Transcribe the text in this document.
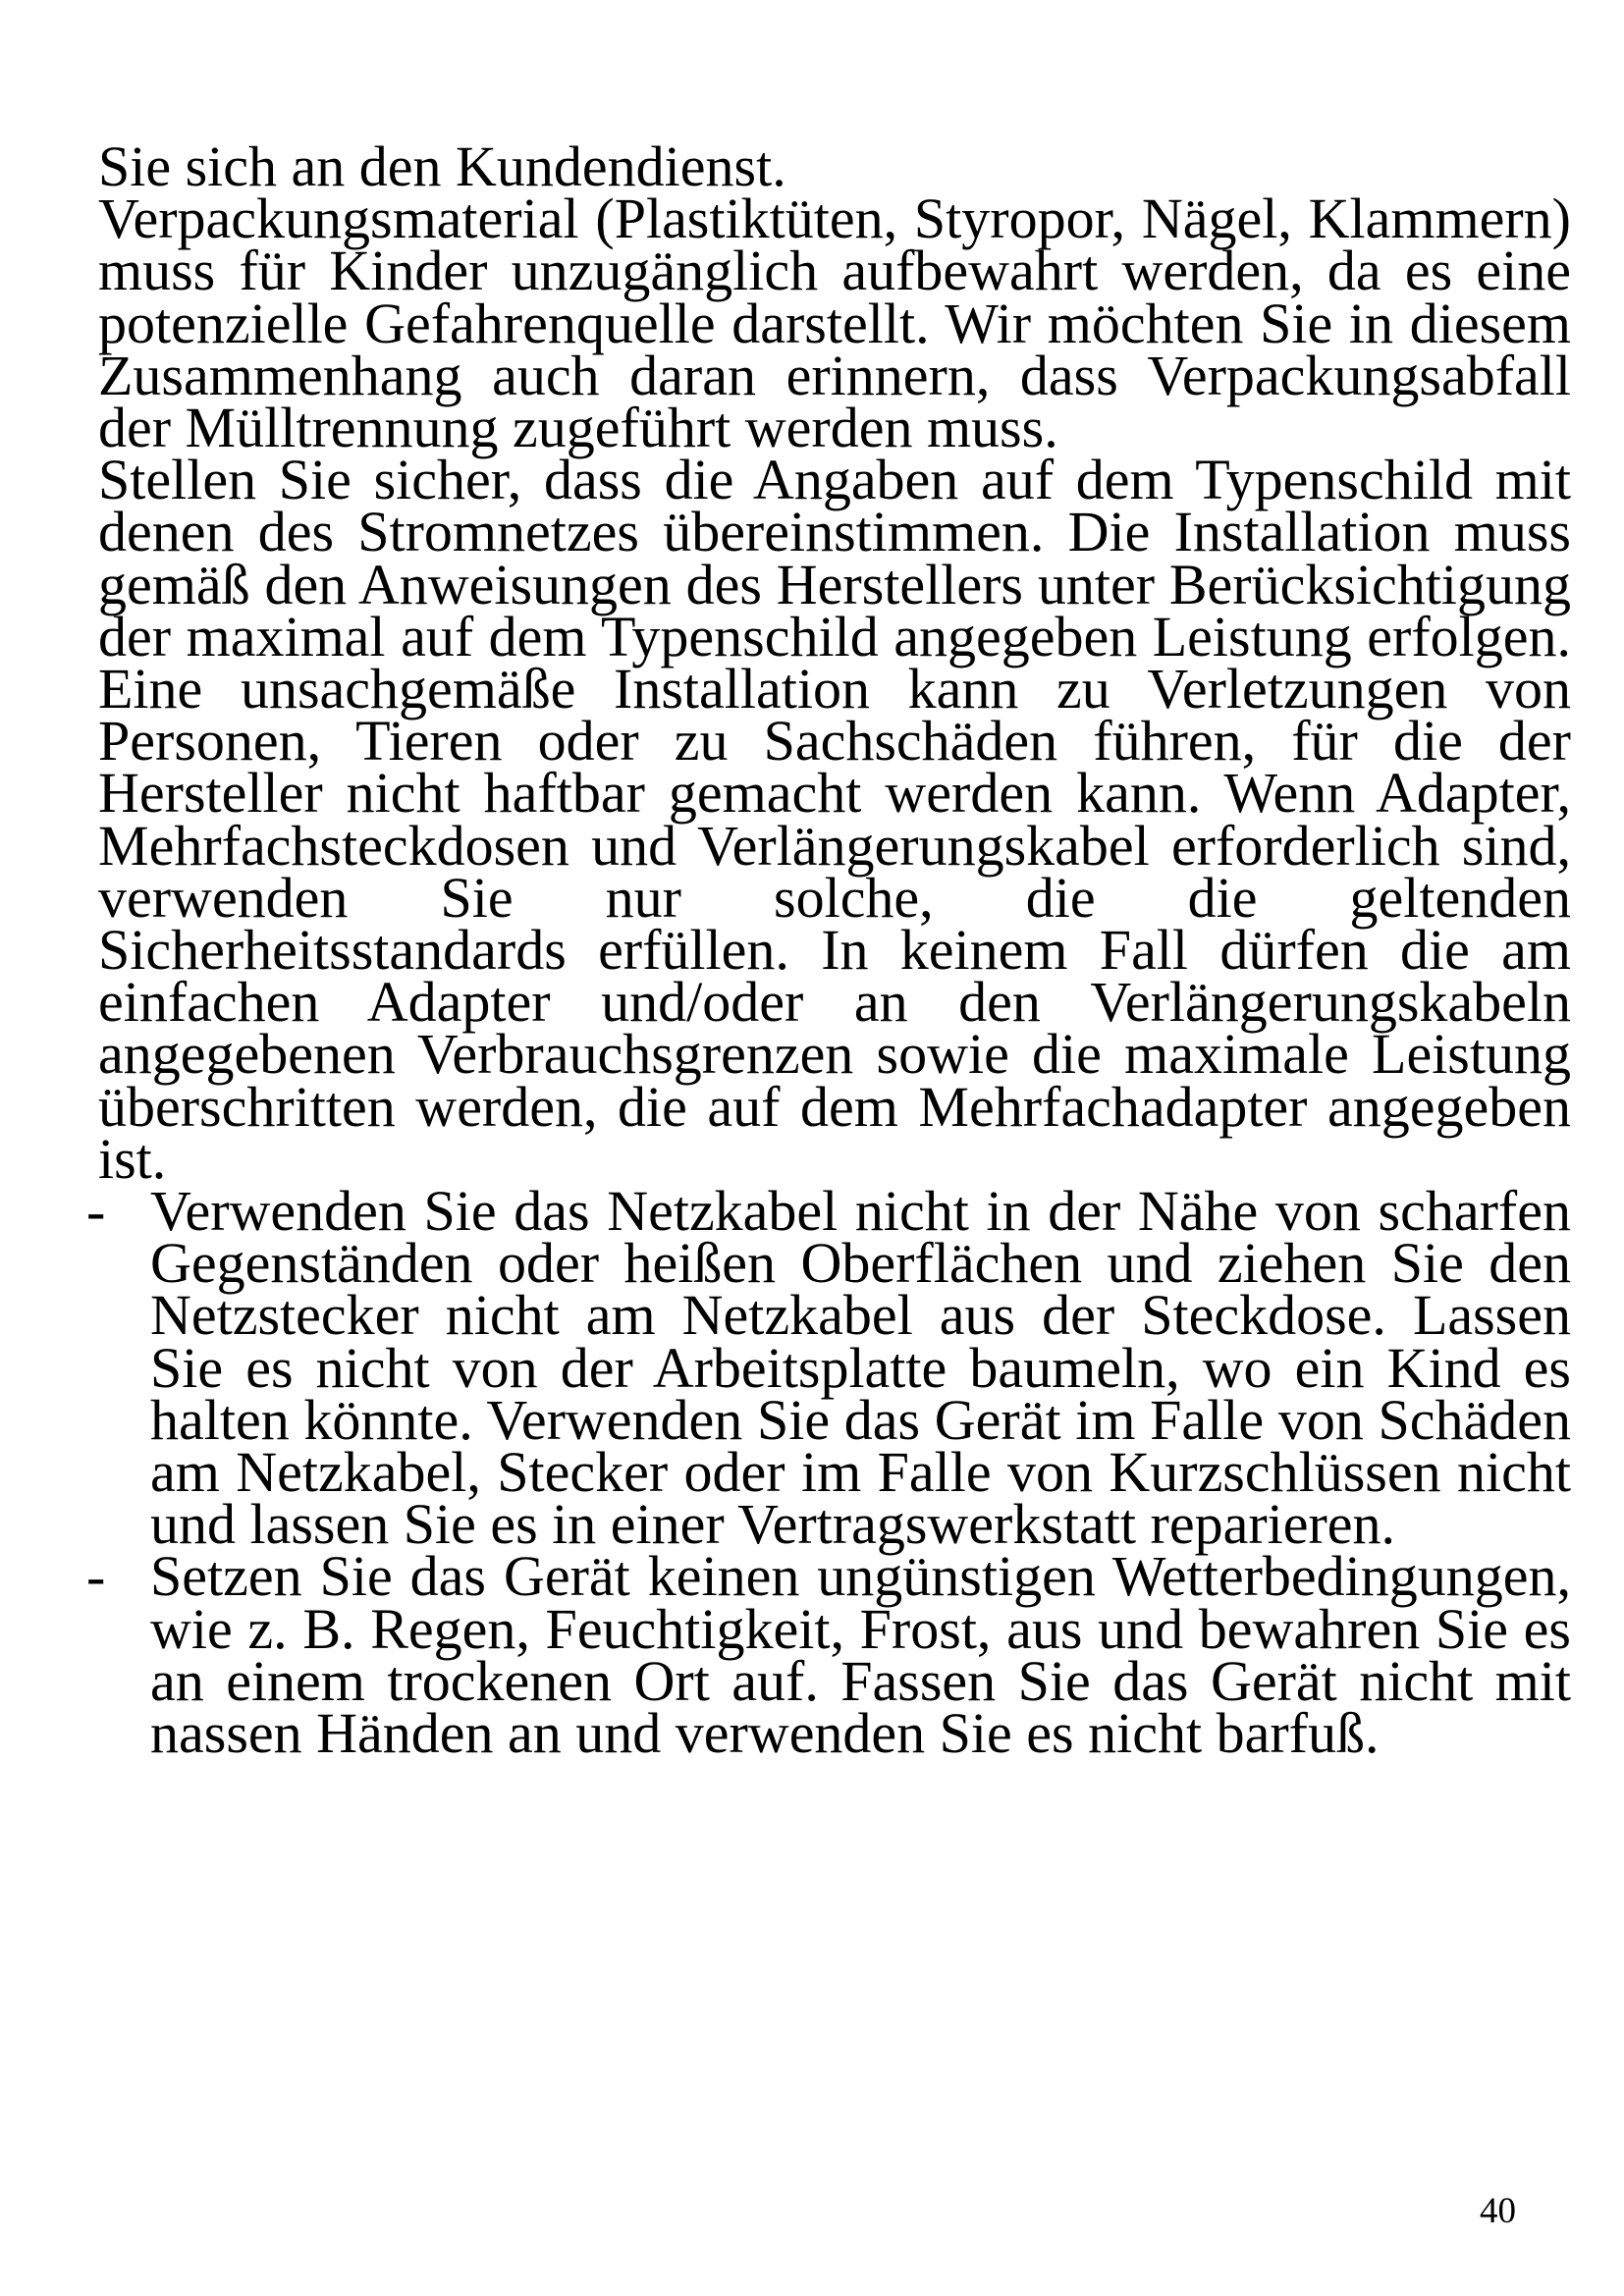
Sie sich an den Kundendienst.

Verpackungsmaterial (Plastiktüten, Styropor, Nägel, Klammern) muss für Kinder unzugänglich aufbewahrt werden, da es eine potenzielle Gefahrenquelle darstellt. Wir möchten Sie in diesem Zusammenhang auch daran erinnern, dass Verpackungsabfall der Mülltrennung zugeführt werden muss.

Stellen Sie sicher, dass die Angaben auf dem Typenschild mit denen des Stromnetzes übereinstimmen. Die Installation muss gemäß den Anweisungen des Herstellers unter Berücksichtigung der maximal auf dem Typenschild angegeben Leistung erfolgen. Eine unsachgemäße Installation kann zu Verletzungen von Personen, Tieren oder zu Sachschäden führen, für die der Hersteller nicht haftbar gemacht werden kann. Wenn Adapter, Mehrfachsteckdosen und Verlängerungskabel erforderlich sind, verwenden Sie nur solche, die die geltenden Sicherheitsstandards erfüllen. In keinem Fall dürfen die am einfachen Adapter und/oder an den Verlängerungskabeln angegebenen Verbrauchsgrenzen sowie die maximale Leistung überschritten werden, die auf dem Mehrfachadapter angegeben ist.

- Verwenden Sie das Netzkabel nicht in der Nähe von scharfen Gegenständen oder heißen Oberflächen und ziehen Sie den Netzstecker nicht am Netzkabel aus der Steckdose. Lassen Sie es nicht von der Arbeitsplatte baumeln, wo ein Kind es halten könnte. Verwenden Sie das Gerät im Falle von Schäden am Netzkabel, Stecker oder im Falle von Kurzschlüssen nicht und lassen Sie es in einer Vertragswerkstatt reparieren.
- Setzen Sie das Gerät keinen ungünstigen Wetterbedingungen, wie z. B. Regen, Feuchtigkeit, Frost, aus und bewahren Sie es an einem trockenen Ort auf. Fassen Sie das Gerät nicht mit nassen Händen an und verwenden Sie es nicht barfuß.
40
